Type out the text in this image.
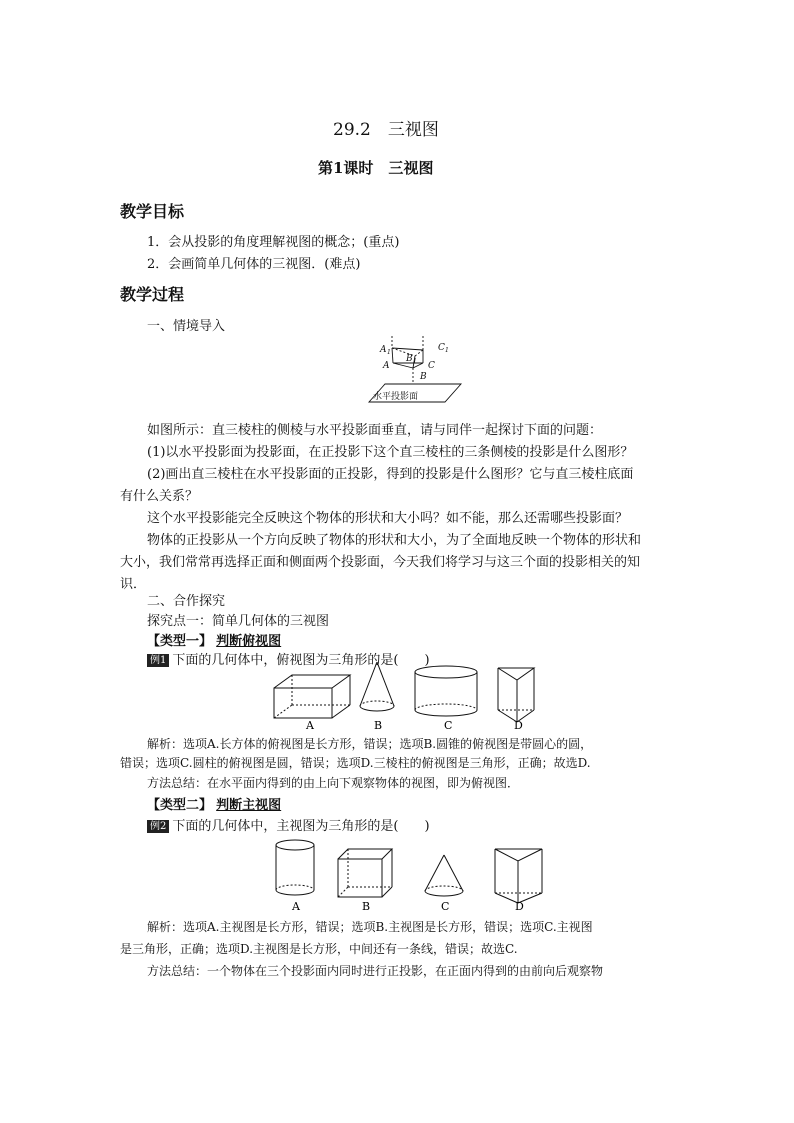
29.2　三视图
第1课时　三视图
教学目标
1．会从投影的角度理解视图的概念；(重点)
2．会画简单几何体的三视图．(难点)
教学过程
一、情境导入
A 1
B 1
C 1
A	C
B
水平投影面
如图所示：直三棱柱的侧棱与水平投影面垂直，请与同伴一起探讨下面的问题：
(1)以水平投影面为投影面，在正投影下这个直三棱柱的三条侧棱的投影是什么图形？
(2)画出直三棱柱在水平投影面的正投影，得到的投影是什么图形？它与直三棱柱底面
有什么关系？
这个水平投影能完全反映这个物体的形状和大小吗？如不能，那么还需哪些投影面？
物体的正投影从一个方向反映了物体的形状和大小，为了全面地反映一个物体的形状和
大小，我们常常再选择正面和侧面两个投影面，今天我们将学习与这三个面的投影相关的知
识．
二、合作探究
探究点一：简单几何体的三视图
【类型一】 判断俯视图
例1 下面的几何体中，俯视图为三角形的是(　　)
A	B	C	D
解析：选项A.长方体的俯视图是长方形，错误；选项B.圆锥的俯视图是带圆心的圆，
错误；选项C.圆柱的俯视图是圆，错误；选项D.三棱柱的俯视图是三角形，正确；故选D.
方法总结：在水平面内得到的由上向下观察物体的视图，即为俯视图．
【类型二】 判断主视图
例2 下面的几何体中，主视图为三角形的是(　　)
A	B	C	D
解析：选项A.主视图是长方形，错误；选项B.主视图是长方形，错误；选项C.主视图
是三角形，正确；选项D.主视图是长方形，中间还有一条线，错误；故选C.
方法总结：一个物体在三个投影面内同时进行正投影，在正面内得到的由前向后观察物
